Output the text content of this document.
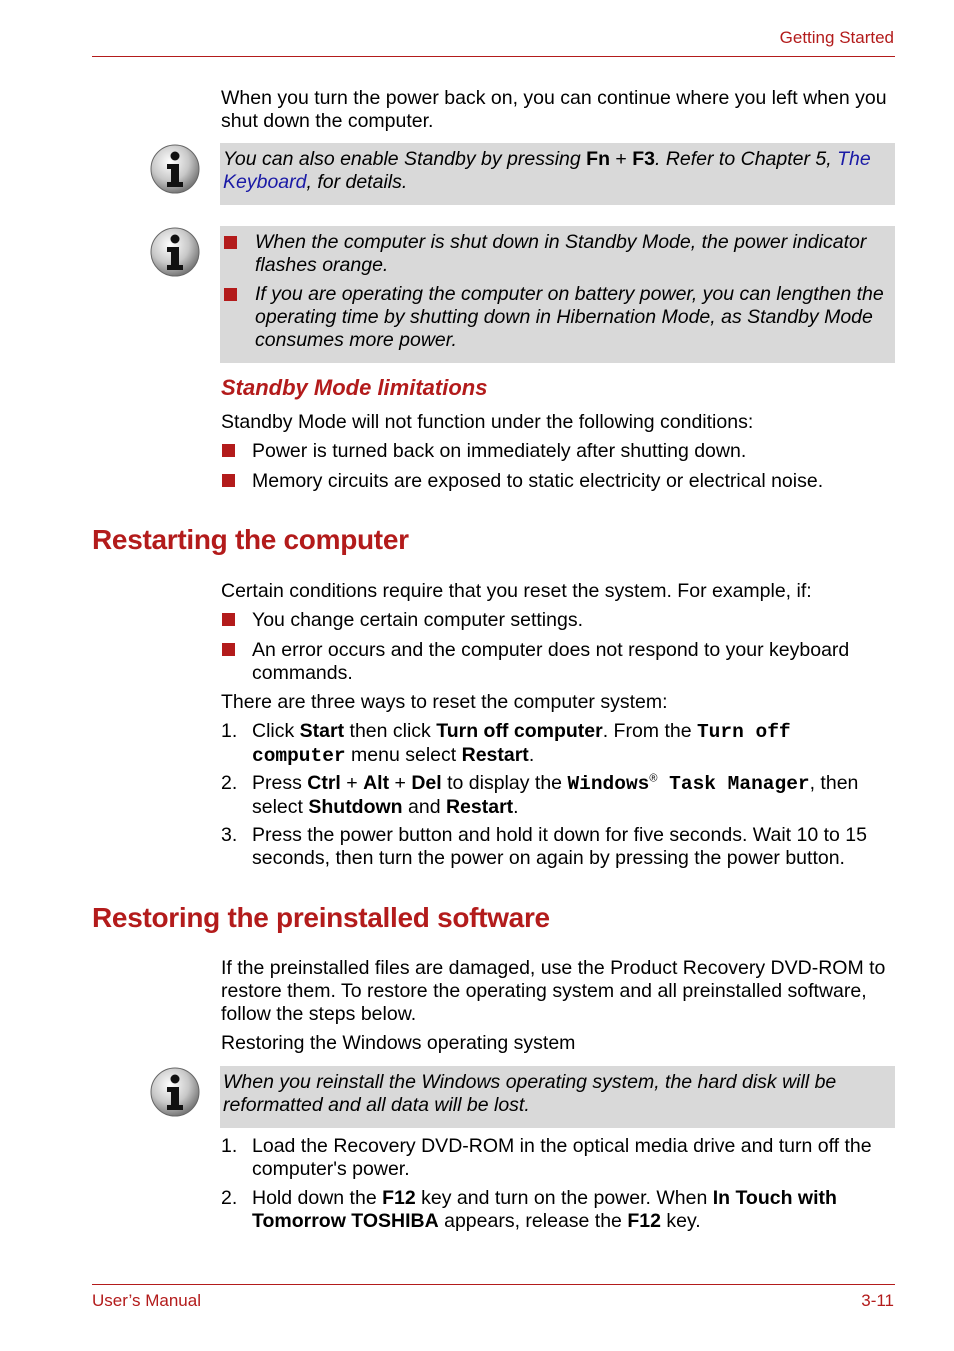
Getting Started
When you turn the power back on, you can continue where you left when you shut down the computer.

You can also enable Standby by pressing Fn + F3. Refer to Chapter 5, The Keyboard, for details.

When the computer is shut down in Standby Mode, the power indicator flashes orange.

If you are operating the computer on battery power, you can lengthen the operating time by shutting down in Hibernation Mode, as Standby Mode consumes more power.

Standby Mode limitations
Standby Mode will not function under the following conditions:
Power is turned back on immediately after shutting down.
Memory circuits are exposed to static electricity or electrical noise.
Restarting the computer
Certain conditions require that you reset the system. For example, if:
You change certain computer settings.
An error occurs and the computer does not respond to your keyboard commands.
There are three ways to reset the computer system:
1. Click Start then click Turn off computer. From the Turn off
computer menu select Restart.
2. Press Ctrl + Alt + Del to display the Windows® Task Manager, then
select Shutdown and Restart.
3. Press the power button and hold it down for five seconds. Wait 10 to 15 seconds, then turn the power on again by pressing the power button.
Restoring the preinstalled software
If the preinstalled files are damaged, use the Product Recovery DVD-ROM to restore them. To restore the operating system and all preinstalled software, follow the steps below.
Restoring the Windows operating system

When you reinstall the Windows operating system, the hard disk will be reformatted and all data will be lost.

1. Load the Recovery DVD-ROM in the optical media drive and turn off the computer's power.
2. Hold down the F12 key and turn on the power. When In Touch with
Tomorrow TOSHIBA appears, release the F12 key.
User’s Manual	3-11
